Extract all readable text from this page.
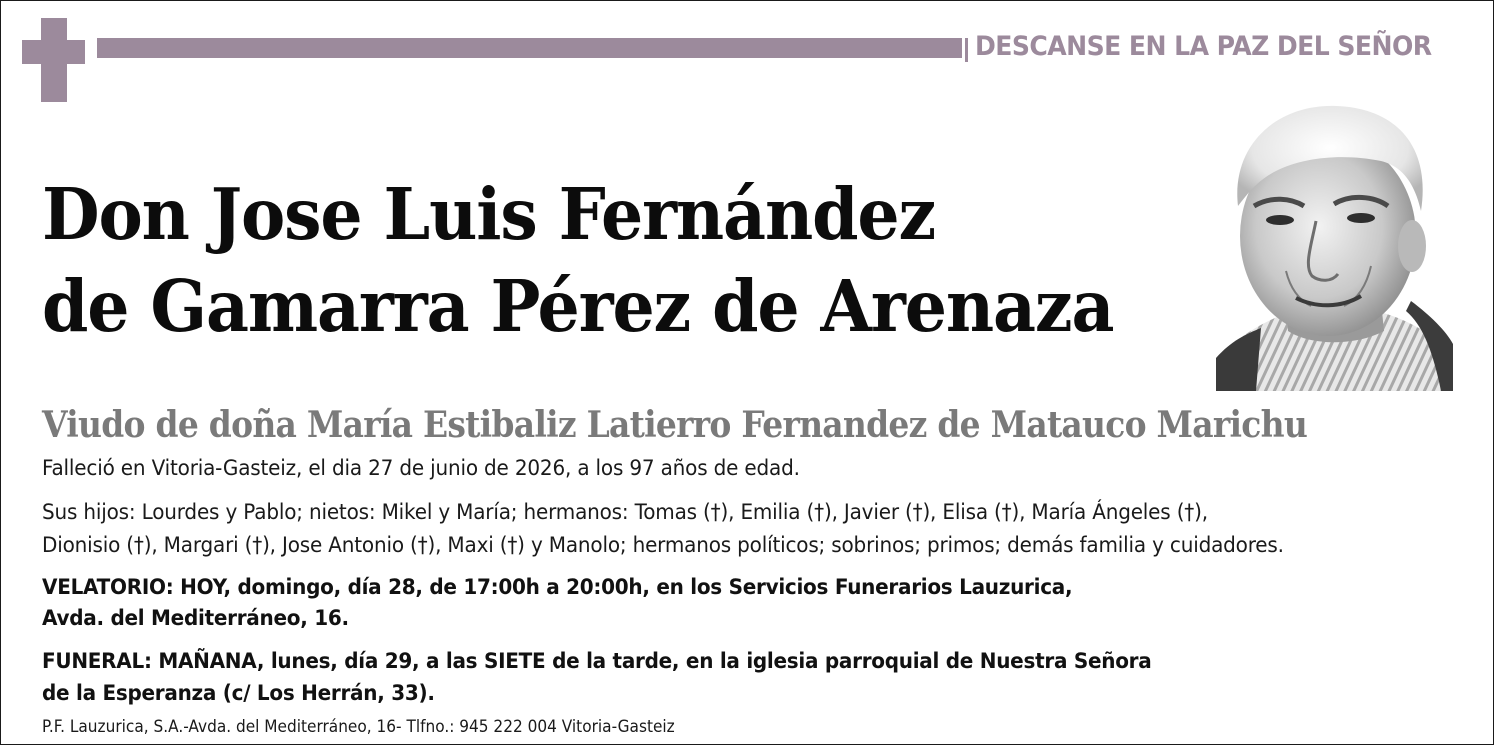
DESCANSE EN LA PAZ DEL SEÑOR
Don Jose Luis Fernández
de Gamarra Pérez de Arenaza
Viudo de doña María Estibaliz Latierro Fernandez de Matauco Marichu
Falleció en Vitoria-Gasteiz, el dia 27 de junio de 2026, a los 97 años de edad.
Sus hijos: Lourdes y Pablo; nietos: Mikel y María; hermanos: Tomas (†), Emilia (†), Javier (†), Elisa (†), María Ángeles (†),
Dionisio (†), Margari (†), Jose Antonio (†), Maxi (†) y Manolo; hermanos políticos; sobrinos; primos; demás familia y cuidadores.
VELATORIO: HOY, domingo, día 28, de 17:00h a 20:00h, en los Servicios Funerarios Lauzurica,
Avda. del Mediterráneo, 16.
FUNERAL: MAÑANA, lunes, día 29, a las SIETE de la tarde, en la iglesia parroquial de Nuestra Señora
de la Esperanza (c/ Los Herrán, 33).
P.F. Lauzurica, S.A.-Avda. del Mediterráneo, 16- Tlfno.: 945 222 004 Vitoria-Gasteiz
